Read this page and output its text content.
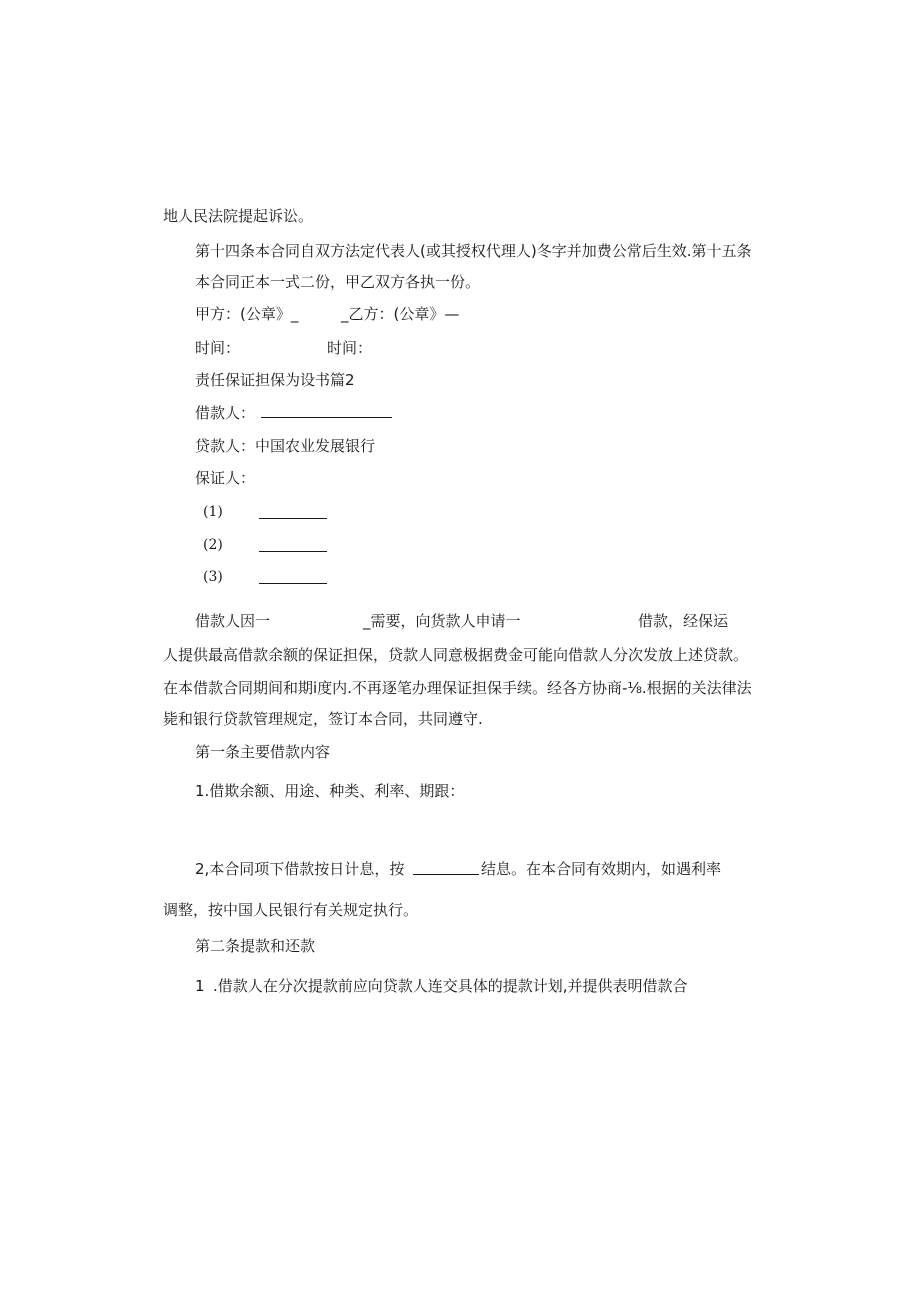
地人民法院提起诉讼。
第十四条本合同自双方法定代表人(或其授权代理人)冬字并加费公常后生效.第十五条
本合同正本一式二份，甲乙双方各执一份。
甲方：(公章》_	_乙方：(公章》—
时间：	时间：
责任保证担保为设书篇2
借款人：
贷款人：中国农业发展银行
保证人：
(1)
(2)
(3)
借款人因一	_需要，向货款人申请一	借款，经保运
人提供最高借款余额的保证担保，贷款人同意极据费金可能向借款人分次发放上述贷款。
在本借款合同期间和期i度内.不再逐笔办理保证担保手续。经各方协商-⅛.根据的关法律法
毙和银行贷款管理规定，签订本合同，共同遵守.
第一条主要借款内容
1.借欺余额、用途、种类、利率、期跟：
2,本合同项下借款按日计息，按	结息。在本合同有效期内，如遇利率
调整，按中国人民银行有关规定执行。
第二条提款和还款
1 .借款人在分次提款前应向贷款人连交具体的提款计划,并提供表明借款合
